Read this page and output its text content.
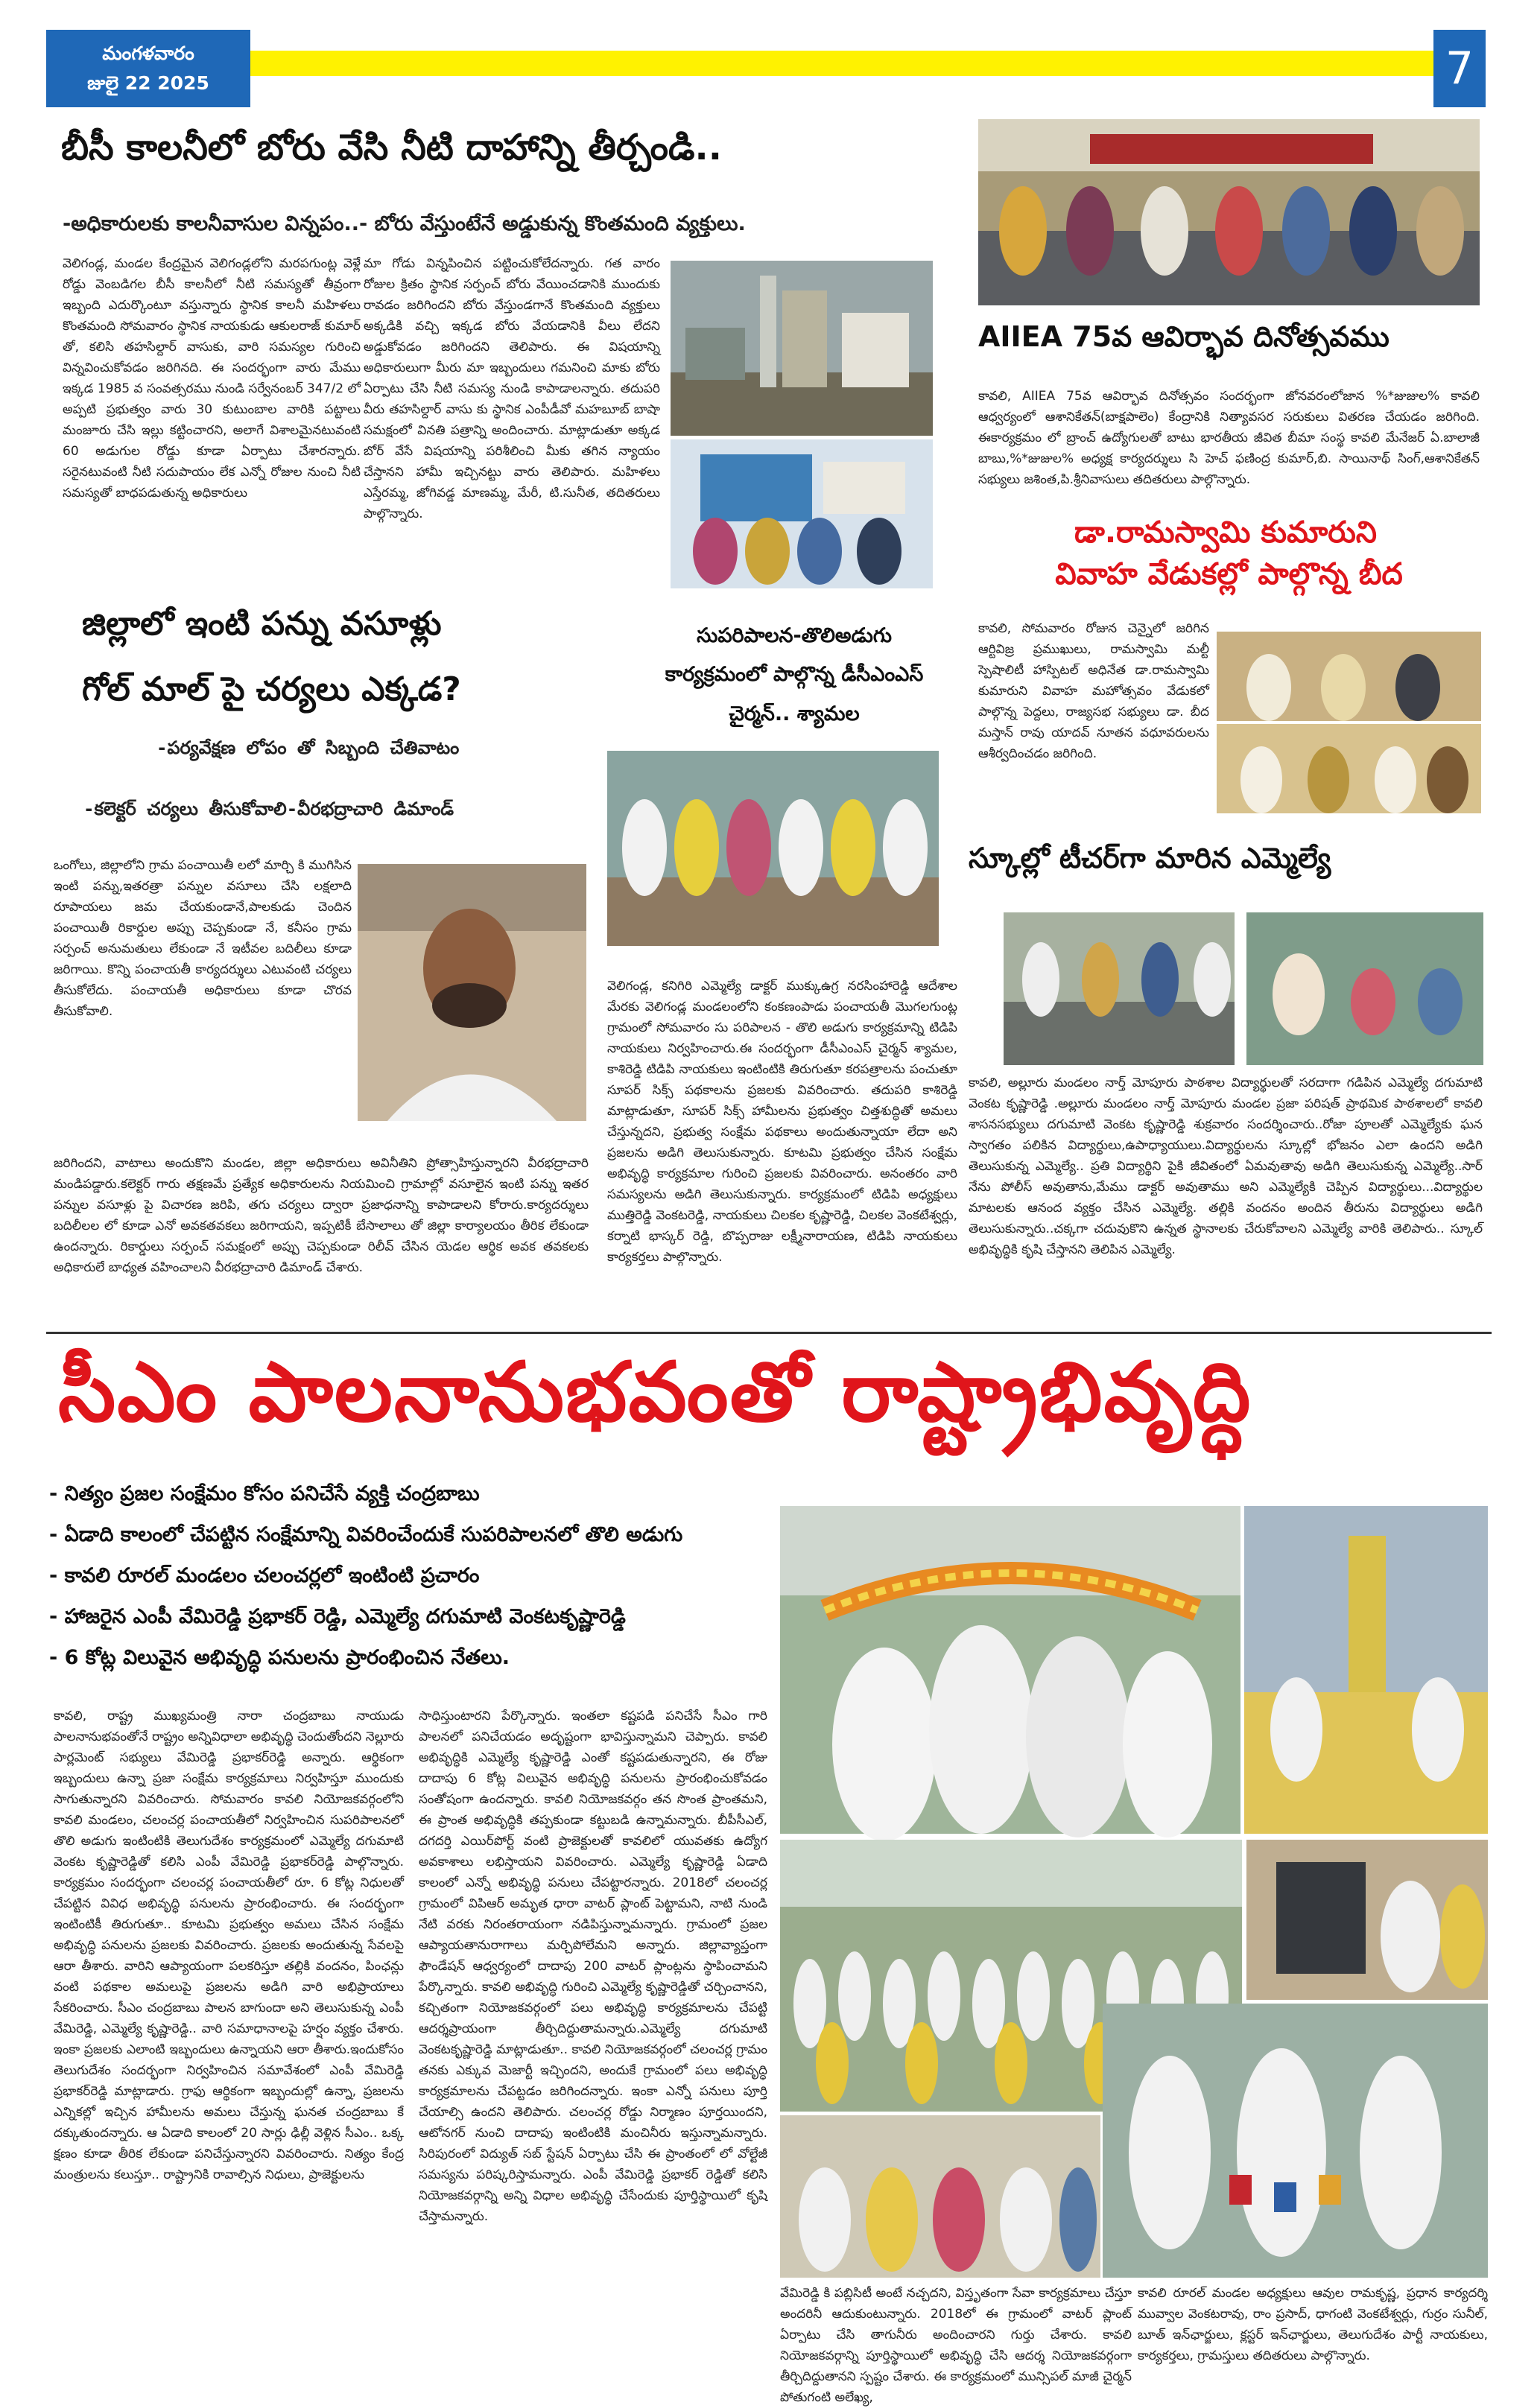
మంగళవారం
జులై 22 2025	7
బీసీ కాలనీలో బోరు వేసి నీటి దాహాన్ని తీర్చండి..
-అధికారులకు కాలనీవాసుల విన్నపం..- బోరు వేస్తుంటేనే అడ్డుకున్న కొంతమంది వ్యక్తులు.

వెలిగండ్ల, మండల కేంద్రమైన వెలిగండ్లలోని మరపగుంట్ల వెళ్లే రోడ్డు వెంబడిగల బీసీ కాలనీలో నీటి సమస్యతో తీవ్రంగా ఇబ్బంది ఎదుర్కొంటూ వస్తున్నారు స్థానిక కాలనీ మహిళలు కొంతమంది సోమవారం స్థానిక నాయకుడు ఆకులరాజ్ కుమార్ తో, కలిసి తహసిల్దార్ వాసుకు, వారి సమస్యల గురించి విన్నవించుకోవడం జరిగినది. ఈ సందర్భంగా వారు మేము ఇక్కడ 1985 వ సంవత్సరము నుండి సర్వేనంబర్ 347/2 లో అప్పటి ప్రభుత్వం వారు 30 కుటుంబాల వారికి పట్టాలు మంజూరు చేసి ఇల్లు కట్టించారని, అలాగే విశాలమైనటువంటి 60 అడుగుల రోడ్డు కూడా ఏర్పాటు చేశారన్నారు. సరైనటువంటి నీటి సదుపాయం లేక ఎన్నో రోజుల నుంచి నీటి సమస్యతో బాధపడుతున్న అధికారులు

మా గోడు విన్నపించిన పట్టించుకోలేదన్నారు. గత వారం రోజుల క్రితం స్థానిక సర్పంచ్ బోరు వేయించడానికి ముందుకు రావడం జరిగిందని బోరు వేస్తుండగానే కొంతమంది వ్యక్తులు అక్కడికి వచ్చి ఇక్కడ బోరు వేయడానికి వీలు లేదని అడ్డుకోవడం జరిగిందని తెలిపారు. ఈ విషయాన్ని అధికారులుగా మీరు మా ఇబ్బందులు గమనించి మాకు బోరు ఏర్పాటు చేసి నీటి సమస్య నుండి కాపాడాలన్నారు. తదుపరి వీరు తహసిల్దార్ వాసు కు స్థానిక ఎంపీడీవో మహబూబ్ బాషా సమక్షంలో వినతి పత్రాన్ని అందించారు. మాట్లాడుతూ అక్కడ బోర్ వేసే విషయాన్ని పరిశీలించి మీకు తగిన న్యాయం చేస్తానని హామీ ఇచ్చినట్టు వారు తెలిపారు. మహిళలు ఎస్తేరమ్మ, జోగివడ్డ మాణమ్మ, మేరీ, టి.సునీత, తదితరులు పాల్గొన్నారు.

AIIEA 75వ ఆవిర్భావ దినోత్సవము

కావలి, AIIEA 75వ ఆవిర్భావ దినోత్సవం సందర్భంగా జోనవరంలోజాన %*జుజుల% కావలి ఆధ్వర్యంలో ఆశానికేతన్(బాక్షపాలెం) కేంద్రానికి నిత్యావసర సరుకులు వితరణ చేయడం జరిగింది. ఈకార్యక్రమం లో బ్రాంచ్ ఉద్యోగులతో బాటు భారతీయ జీవిత బీమా సంస్థ కావలి మేనేజర్ ఏ.బాలాజీ బాబు,%*జుజుల% అధ్యక్ష కార్యదర్శులు సి హెచ్ ఫణింద్ర కుమార్,బి. సాయినాథ్ సింగ్,ఆశానికేతన్ సభ్యులు జశింత,పి.శ్రీనివాసులు తదితరులు పాల్గొన్నారు.

డా.రామస్వామి కుమారుని
వివాహ వేడుకల్లో పాల్గొన్న బీద

కావలి, సోమవారం రోజున చెన్నైలో జరిగిన ఆర్టివిజ్ర ప్రముఖులు, రామస్వామి మల్టీ స్పెషాలిటీ హాస్పిటల్ అధినేత డా.రామస్వామి కుమారుని వివాహ మహోత్సవం వేడుకలో పాల్గొన్న పెద్దలు, రాజ్యసభ సభ్యులు డా. బీద మస్తాన్ రావు యాదవ్ నూతన వధూవరులను ఆశీర్వదించడం జరిగింది.

స్కూల్లో టీచర్‌గా మారిన ఎమ్మెల్యే

కావలి, అల్లూరు మండలం నార్త్ మోపూరు పాఠశాల విద్యార్థులతో సరదాగా గడిపిన ఎమ్మెల్యే దగుమాటి వెంకట కృష్ణారెడ్డి .అల్లూరు మండలం నార్త్ మోపూరు మండల ప్రజా పరిషత్ ప్రాథమిక పాఠశాలలో కావలి శాసనసభ్యులు దగుమాటి వెంకట కృష్ణారెడ్డి శుక్రవారం సందర్శించారు..రోజా పూలతో ఎమ్మెల్యేకు ఘన స్వాగతం పలికిన విద్యార్థులు,ఉపాధ్యాయులు.విద్యార్థులను స్కూల్లో భోజనం ఎలా ఉందని అడిగి తెలుసుకున్న ఎమ్మెల్యే.. ప్రతి విద్యార్థిని పైకి జీవితంలో ఏమవుతావు అడిగి తెలుసుకున్న ఎమ్మెల్యే..సార్ నేను పోలీస్ అవుతాను,మేము డాక్టర్ అవుతాము అని ఎమ్మెల్యేకి చెప్పిన విద్యార్థులు...విద్యార్థుల మాటలకు ఆనంద వ్యక్తం చేసిన ఎమ్మెల్యే. తల్లికి వందనం అందిన తీరును విద్యార్థులు అడిగి తెలుసుకున్నారు..చక్కగా చదువుకొని ఉన్నత స్థానాలకు చేరుకోవాలని ఎమ్మెల్యే వారికి తెలిపారు.. స్కూల్ అభివృద్ధికి కృషి చేస్తానని తెలిపిన ఎమ్మెల్యే.

జిల్లాలో ఇంటి పన్ను వసూళ్లు
గోల్ మాల్ పై చర్యలు ఎక్కడ?
-పర్యవేక్షణ లోపం తో సిబ్బంది చేతివాటం
-కలెక్టర్ చర్యలు తీసుకోవాలి-వీరభద్రాచారి డిమాండ్

ఒంగోలు, జిల్లాలోని గ్రామ పంచాయితీ లలో మార్చి కి ముగిసిన ఇంటి పన్ను,ఇతరత్రా పన్నుల వసూలు చేసి లక్షలాది రూపాయలు జమ చేయకుండానే,పాలకుడు చెందిన పంచాయితీ రికార్డుల అప్పు చెప్పకుండా నే, కనీసం గ్రామ సర్పంచ్ అనుమతులు లేకుండా నే ఇటీవల బదిలీలు కూడా జరిగాయి. కొన్ని పంచాయతీ కార్యదర్శులు ఎటువంటి చర్యలు తీసుకోలేదు. పంచాయతీ అధికారులు కూడా చొరవ తీసుకోవాలి.

జరిగిందని, వాటాలు అందుకొని మండల, జిల్లా అధికారులు అవినీతిని ప్రోత్సాహిస్తున్నారని వీరభద్రాచారి మండిపడ్డారు.కలెక్టర్ గారు తక్షణమే ప్రత్యేక అధికారులను నియమించి గ్రామాల్లో వసూలైన ఇంటి పన్ను ఇతర పన్నుల వసూళ్లు పై విచారణ జరిపి, తగు చర్యలు ద్వారా ప్రజాధనాన్ని కాపాడాలని కోరారు.కార్యదర్శులు బదిలీలల లో కూడా ఎనో అవకతవకలు జరిగాయని, ఇప్పటికీ బేసాలాలు తో జిల్లా కార్యాలయం తీరిక లేకుండా ఉందన్నారు. రికార్డులు సర్పంచ్ సమక్షంలో అప్పు చెప్పకుండా రిలీవ్ చేసిన యెడల ఆర్థిక అవక తవకలకు అధికారులే బాధ్యత వహించాలని వీరభద్రాచారి డిమాండ్ చేశారు.

సుపరిపాలన-తొలిఅడుగు
కార్యక్రమంలో పాల్గొన్న డీసీఎంఎస్
చైర్మన్.. శ్యామల

వెలిగండ్ల, కనిగిరి ఎమ్మెల్యే డాక్టర్ ముక్కుఉగ్ర నరసింహారెడ్డి ఆదేశాల మేరకు వెలిగండ్ల మండలంలోని కంకణంపాడు పంచాయతీ మొగలగుంట్ల గ్రామంలో సోమవారం సు పరిపాలన - తొలి అడుగు కార్యక్రమాన్ని టిడిపి నాయకులు నిర్వహించారు.ఈ సందర్భంగా డీసీఎంఎస్ చైర్మన్ శ్యామల, కాశిరెడ్డి టిడిపి నాయకులు ఇంటింటికి తిరుగుతూ కరపత్రాలను పంచుతూ సూపర్ సిక్స్ పథకాలను ప్రజలకు వివరించారు. తదుపరి కాశిరెడ్డి మాట్లాడుతూ, సూపర్ సిక్స్ హామీలను ప్రభుత్వం చిత్తశుద్ధితో అమలు చేస్తున్నదని, ప్రభుత్వ సంక్షేమ పథకాలు అందుతున్నాయా లేదా అని ప్రజలను అడిగి తెలుసుకున్నారు. కూటమి ప్రభుత్వం చేసిన సంక్షేమ అభివృద్ధి కార్యక్రమాల గురించి ప్రజలకు వివరించారు. అనంతరం వారి సమస్యలను అడిగి తెలుసుకున్నారు. కార్యక్రమంలో టిడిపి అధ్యక్షులు ముత్తిరెడ్డి వెంకటరెడ్డి, నాయకులు చిలకల కృష్ణారెడ్డి, చిలకల వెంకటేశ్వర్లు, కర్నాటి భాస్కర్ రెడ్డి, బొప్పరాజు లక్ష్మీనారాయణ, టిడిపి నాయకులు కార్యకర్తలు పాల్గొన్నారు.

సీఎం పాలనానుభవంతో రాష్ట్రాభివృద్ధి
- నిత్యం ప్రజల సంక్షేమం కోసం పనిచేసే వ్యక్తి చంద్రబాబు
- ఏడాది కాలంలో చేపట్టిన సంక్షేమాన్ని వివరించేందుకే సుపరిపాలనలో తొలి అడుగు
- కావలి రూరల్ మండలం చలంచర్లలో ఇంటింటి ప్రచారం
- హాజరైన ఎంపీ వేమిరెడ్డి ప్రభాకర్ రెడ్డి, ఎమ్మెల్యే దగుమాటి వెంకటకృష్ణారెడ్డి
- 6 కోట్ల విలువైన అభివృద్ధి పనులను ప్రారంభించిన నేతలు.

కావలి, రాష్ట్ర ముఖ్యమంత్రి నారా చంద్రబాబు నాయుడు పాలనానుభవంతోనే రాష్ట్రం అన్నివిధాలా అభివృద్ధి చెందుతోందని నెల్లూరు పార్లమెంట్ సభ్యులు వేమిరెడ్డి ప్రభాకర్‌రెడ్డి అన్నారు. ఆర్థికంగా ఇబ్బందులు ఉన్నా ప్రజా సంక్షేమ కార్యక్రమాలు నిర్వహిస్తూ ముందుకు సాగుతున్నారని వివరించారు. సోమవారం కావలి నియోజకవర్గంలోని కావలి మండలం, చలంచర్ల పంచాయతీలో నిర్వహించిన సుపరిపాలనలో తొలి అడుగు ఇంటింటికి తెలుగుదేశం కార్యక్రమంలో ఎమ్మెల్యే దగుమాటి వెంకట కృష్ణారెడ్డితో కలిసి ఎంపీ వేమిరెడ్డి ప్రభాకర్‌రెడ్డి పాల్గొన్నారు. కార్యక్రమం సందర్భంగా చలంచర్ల పంచాయతీలో రూ. 6 కోట్ల నిధులతో చేపట్టిన వివిధ అభివృద్ధి పనులను ప్రారంభించారు. ఈ సందర్భంగా ఇంటింటికీ తిరుగుతూ.. కూటమి ప్రభుత్వం అమలు చేసిన సంక్షేమ అభివృద్ధి పనులను ప్రజలకు వివరించారు. ప్రజలకు అందుతున్న సేవలపై ఆరా తీశారు. వారిని ఆప్యాయంగా పలకరిస్తూ తల్లికి వందనం, పింఛన్లు వంటి పథకాల అమలుపై ప్రజలను అడిగి వారి అభిప్రాయాలు సేకరించారు. సీఎం చంద్రబాబు పాలన బాగుందా అని తెలుసుకున్న ఎంపీ వేమిరెడ్డి, ఎమ్మెల్యే కృష్ణారెడ్డి.. వారి సమాధానాలపై హర్షం వ్యక్తం చేశారు. ఇంకా ప్రజలకు ఎలాంటి ఇబ్బందులు ఉన్నాయని ఆరా తీశారు.ఇందుకోసం తెలుగుదేశం సందర్భంగా నిర్వహించిన సమావేశంలో ఎంపీ వేమిరెడ్డి ప్రభాకర్‌రెడ్డి మాట్లాడారు. గ్రాఫు ఆర్థికంగా ఇబ్బందుల్లో ఉన్నా, ప్రజలను ఎన్నికల్లో ఇచ్చిన హామీలను అమలు చేస్తున్న ఘనత చంద్రబాబు కే దక్కుతుందన్నారు. ఆ ఏడాది కాలంలో 20 సార్లు ఢిల్లీ వెళ్లిన సీఎం.. ఒక్క క్షణం కూడా తీరిక లేకుండా పనిచేస్తున్నారని వివరించారు. నిత్యం కేంద్ర మంత్రులను కలుస్తూ.. రాష్ట్రానికి రావాల్సిన నిధులు, ప్రాజెక్టులను

సాధిస్తుంటారని పేర్కొన్నారు. ఇంతలా కష్టపడి పనిచేసే సీఎం గారి పాలనలో పనిచేయడం అదృష్టంగా భావిస్తున్నామని చెప్పారు. కావలి అభివృద్ధికి ఎమ్మెల్యే కృష్ణారెడ్డి ఎంతో కష్టపడుతున్నారని, ఈ రోజు దాదాపు 6 కోట్ల విలువైన అభివృద్ధి పనులను ప్రారంభించుకోవడం సంతోషంగా ఉందన్నారు. కావలి నియోజకవర్గం తన సొంత ప్రాంతమని, ఈ ప్రాంత అభివృద్ధికి తప్పకుండా కట్టుబడి ఉన్నామన్నారు. బీపీసీఎల్, దగదర్తి ఎయిర్‌పోర్ట్ వంటి ప్రాజెక్టులతో కావలిలో యువతకు ఉద్యోగ అవకాశాలు లభిస్తాయని వివరించారు. ఎమ్మెల్యే కృష్ణారెడ్డి ఏడాది కాలంలో ఎన్నో అభివృద్ధి పనులు చేపట్టారన్నారు. 2018లో చలంచర్ల గ్రామంలో విపిఆర్ అమృత ధారా వాటర్ ప్లాంట్ పెట్టామని, నాటి నుండి నేటి వరకు నిరంతరాయంగా నడిపిస్తున్నామన్నారు. గ్రామంలో ప్రజల ఆప్యాయతానురాగాలు మర్చిపోలేమని అన్నారు. జిల్లావ్యాప్తంగా ఫౌండేషన్ ఆధ్వర్యంలో దాదాపు 200 వాటర్ ప్లాంట్లను స్థాపించామని పేర్కొన్నారు. కావలి అభివృద్ధి గురించి ఎమ్మెల్యే కృష్ణారెడ్డితో చర్చించానని, కచ్చితంగా నియోజకవర్గంలో పలు అభివృద్ధి కార్యక్రమాలను చేపట్టి ఆదర్శప్రాయంగా తీర్చిదిద్దుతామన్నారు.ఎమ్మెల్యే దగుమాటి వెంకటకృష్ణారెడ్డి మాట్లాడుతూ.. కావలి నియోజకవర్గంలో చలంచర్ల గ్రామం తనకు ఎక్కువ మెజార్టీ ఇచ్చిందని, అందుకే గ్రామంలో పలు అభివృద్ధి కార్యక్రమాలను చేపట్టడం జరిగిందన్నారు. ఇంకా ఎన్నో పనులు పూర్తి చేయాల్సి ఉందని తెలిపారు. చలంచర్ల రోడ్డు నిర్మాణం పూర్తయిందని, ఆటోనగర్ నుంచి దాదాపు ఇంటింటికి మంచినీరు ఇస్తున్నామన్నారు. సిరిపురంలో విద్యుత్ సబ్ స్టేషన్ ఏర్పాటు చేసి ఈ ప్రాంతంలో లో వోల్టేజీ సమస్యను పరిష్కరిస్తామన్నారు. ఎంపీ వేమిరెడ్డి ప్రభాకర్ రెడ్డితో కలిసి నియోజకవర్గాన్ని అన్ని విధాల అభివృద్ధి చేసేందుకు పూర్తిస్థాయిలో కృషి చేస్తామన్నారు.

వేమిరెడ్డి కి పబ్లిసిటీ అంటే నచ్చదని, విస్తృతంగా సేవా కార్యక్రమాలు చేస్తూ అందరినీ ఆదుకుంటున్నారు. 2018లో ఈ గ్రామంలో వాటర్ ప్లాంట్ ఏర్పాటు చేసి తాగునీరు అందించారని గుర్తు చేశారు. కావలి నియోజకవర్గాన్ని పూర్తిస్థాయిలో అభివృద్ధి చేసి ఆదర్శ నియోజకవర్గంగా తీర్చిదిద్దుతానని స్పష్టం చేశారు. ఈ కార్యక్రమంలో మున్సిపల్ మాజీ చైర్మన్ పోతుగంటి అలేఖ్య,

కావలి రూరల్ మండల అధ్యక్షులు ఆవుల రామకృష్ణ, ప్రధాన కార్యదర్శి మువ్వాల వెంకటరావు, రాం ప్రసాద్, ధాగంటి వెంకటేశ్వర్లు, గుర్రం సునీల్, బూత్ ఇన్‌ఛార్జులు, క్లస్టర్ ఇన్‌ఛార్జులు, తెలుగుదేశం పార్టీ నాయకులు, కార్యకర్తలు, గ్రామస్తులు తదితరులు పాల్గొన్నారు.
